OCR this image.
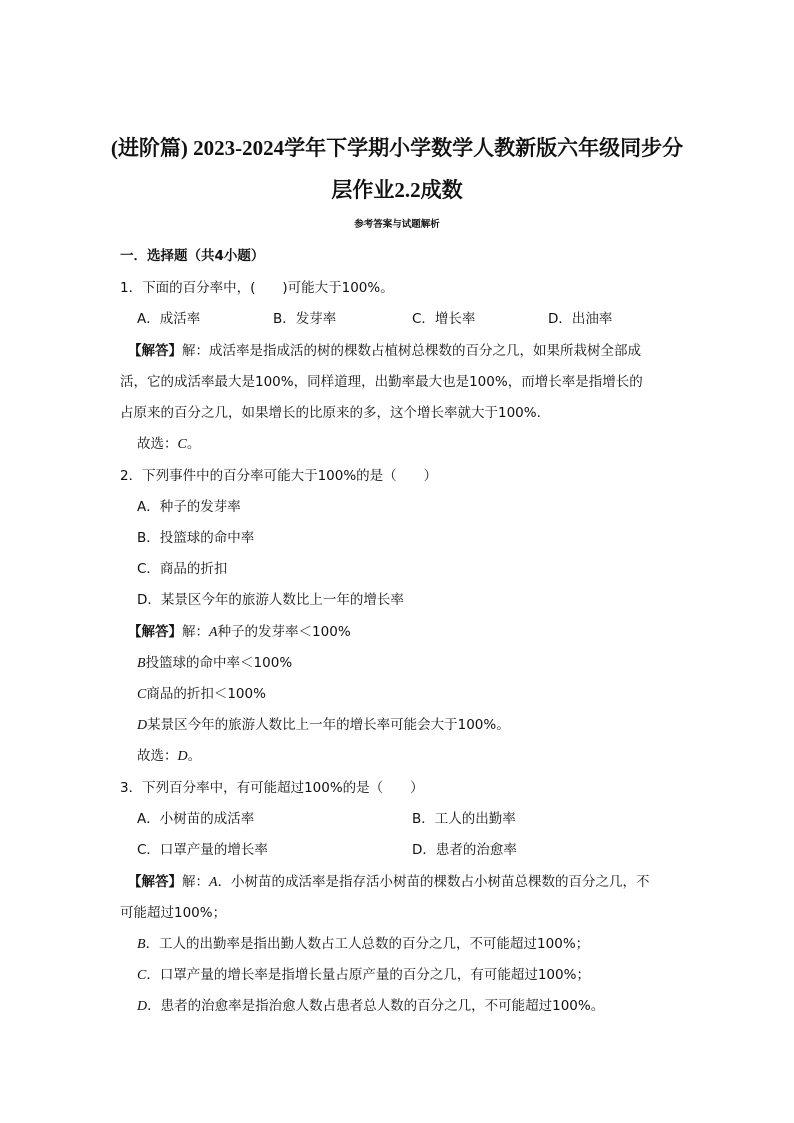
(进阶篇) 2023-2024学年下学期小学数学人教新版六年级同步分
层作业2.2成数
参考答案与试题解析
一．选择题（共4小题）
1．下面的百分率中，(　　)可能大于100%。
A．成活率	B．发芽率	C．增长率	D．出油率
【解答】解：成活率是指成活的树的棵数占植树总棵数的百分之几，如果所栽树全部成
活，它的成活率最大是100%，同样道理，出勤率最大也是100%，而增长率是指增长的
占原来的百分之几，如果增长的比原来的多，这个增长率就大于100%.
故选：C。
2．下列事件中的百分率可能大于100%的是（　　）
A．种子的发芽率
B．投篮球的命中率
C．商品的折扣
D．某景区今年的旅游人数比上一年的增长率
【解答】解：A种子的发芽率＜100%
B投篮球的命中率＜100%
C商品的折扣＜100%
D某景区今年的旅游人数比上一年的增长率可能会大于100%。
故选：D。
3．下列百分率中，有可能超过100%的是（　　）
A．小树苗的成活率	B．工人的出勤率
C．口罩产量的增长率	D．患者的治愈率
【解答】解：A．小树苗的成活率是指存活小树苗的棵数占小树苗总棵数的百分之几，不
可能超过100%；
B．工人的出勤率是指出勤人数占工人总数的百分之几，不可能超过100%；
C．口罩产量的增长率是指增长量占原产量的百分之几，有可能超过100%；
D．患者的治愈率是指治愈人数占患者总人数的百分之几，不可能超过100%。
